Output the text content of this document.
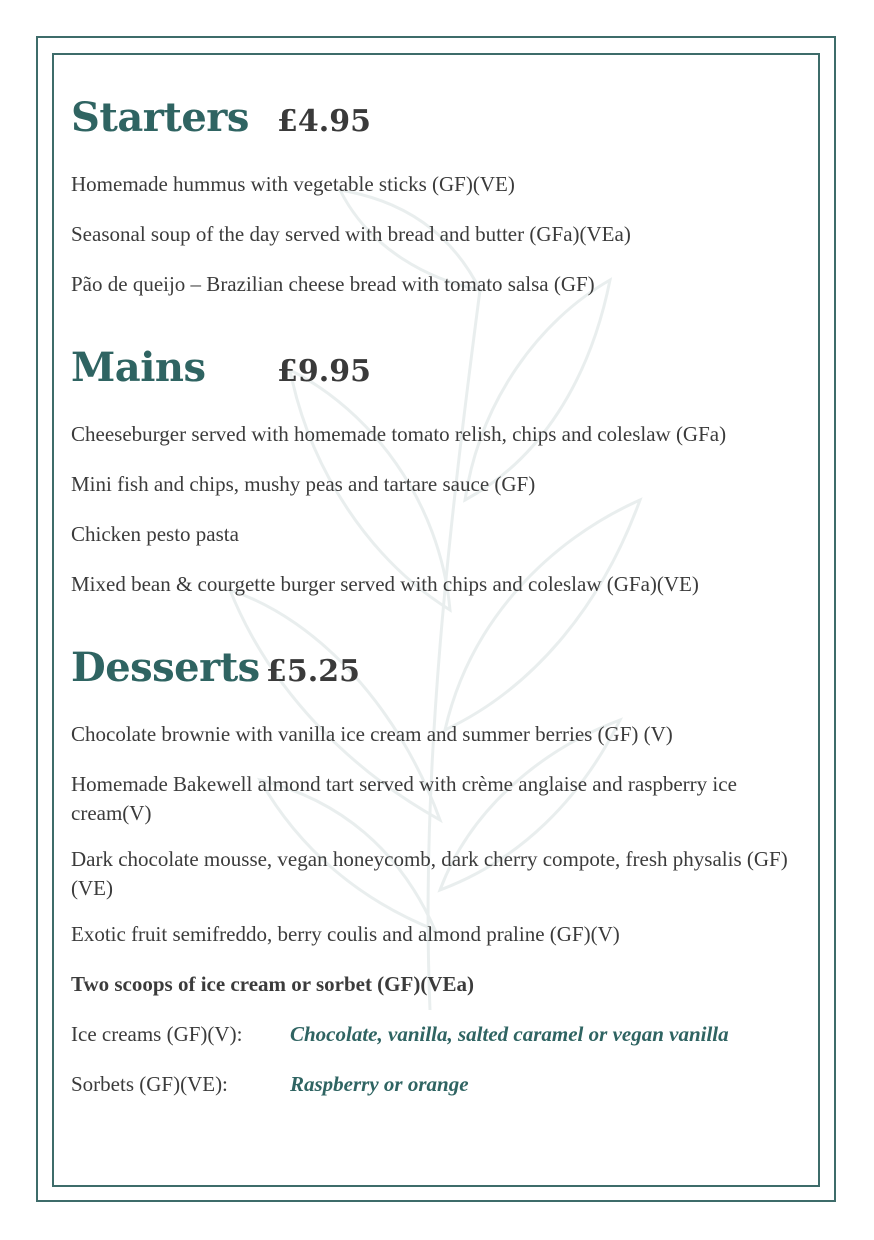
Starters £4.95
Homemade hummus with vegetable sticks (GF)(VE)
Seasonal soup of the day served with bread and butter (GFa)(VEa)
Pão de queijo – Brazilian cheese bread with tomato salsa (GF)
Mains £9.95
Cheeseburger served with homemade tomato relish, chips and coleslaw (GFa)
Mini fish and chips, mushy peas and tartare sauce (GF)
Chicken pesto pasta
Mixed bean & courgette burger served with chips and coleslaw (GFa)(VE)
Desserts £5.25
Chocolate brownie with vanilla ice cream and summer berries (GF) (V)
Homemade Bakewell almond tart served with crème anglaise and raspberry ice cream(V)
Dark chocolate mousse, vegan honeycomb, dark cherry compote, fresh physalis (GF)(VE)
Exotic fruit semifreddo, berry coulis and almond praline (GF)(V)
Two scoops of ice cream or sorbet (GF)(VEa)
Ice creams (GF)(V): Chocolate, vanilla, salted caramel or vegan vanilla
Sorbets (GF)(VE):	Raspberry or orange
